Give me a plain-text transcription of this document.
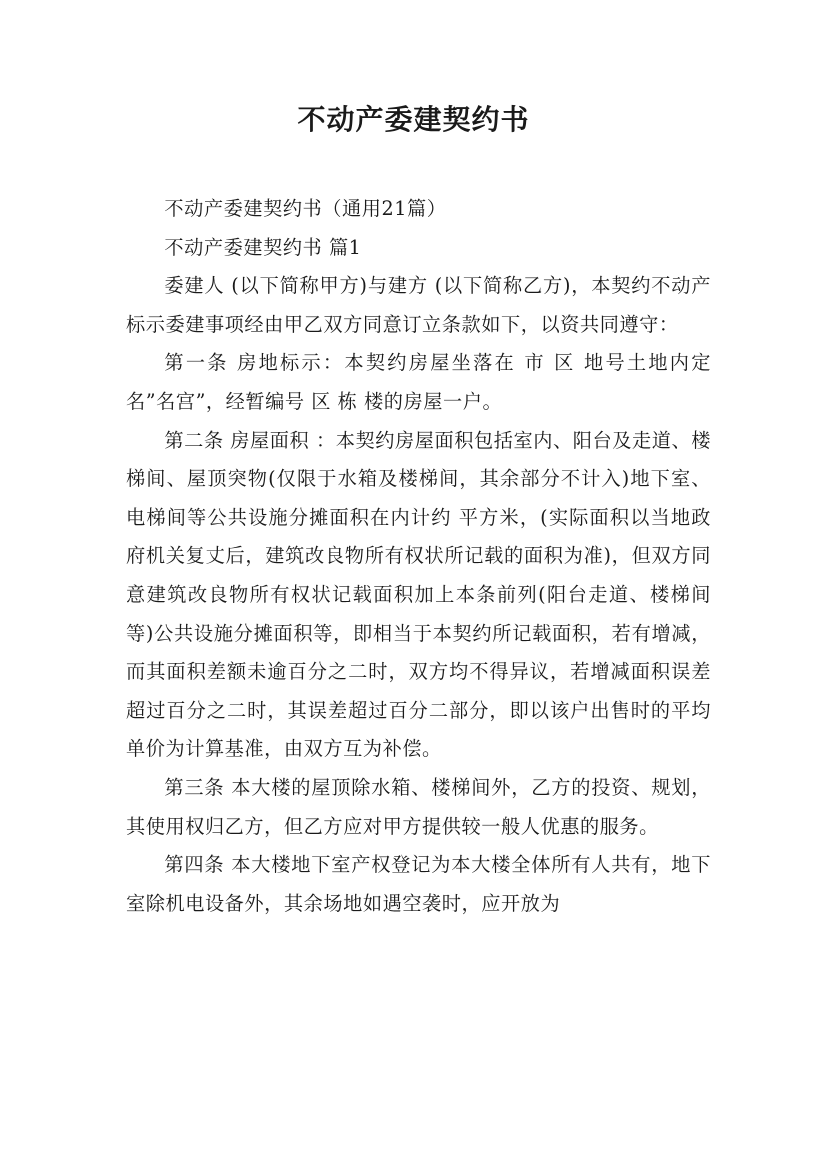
不动产委建契约书

不动产委建契约书（通用21篇）

不动产委建契约书 篇1

委建人 (以下简称甲方)与建方 (以下简称乙方)，本契约不动产标示委建事项经由甲乙双方同意订立条款如下，以资共同遵守：

第一条 房地标示：本契约房屋坐落在 市 区 地号土地内定名”名宫”，经暂编号 区 栋 楼的房屋一户。

第二条 房屋面积 ：本契约房屋面积包括室内、阳台及走道、楼梯间、屋顶突物(仅限于水箱及楼梯间，其余部分不计入)地下室、电梯间等公共设施分摊面积在内计约 平方米，(实际面积以当地政府机关复丈后，建筑改良物所有权状所记载的面积为准)，但双方同意建筑改良物所有权状记载面积加上本条前列(阳台走道、楼梯间等)公共设施分摊面积等，即相当于本契约所记载面积，若有增减，而其面积差额未逾百分之二时，双方均不得异议，若增减面积误差超过百分之二时，其误差超过百分二部分，即以该户出售时的平均单价为计算基准，由双方互为补偿。

第三条 本大楼的屋顶除水箱、楼梯间外，乙方的投资、规划，其使用权归乙方，但乙方应对甲方提供较一般人优惠的服务。

第四条 本大楼地下室产权登记为本大楼全体所有人共有，地下室除机电设备外，其余场地如遇空袭时，应开放为
